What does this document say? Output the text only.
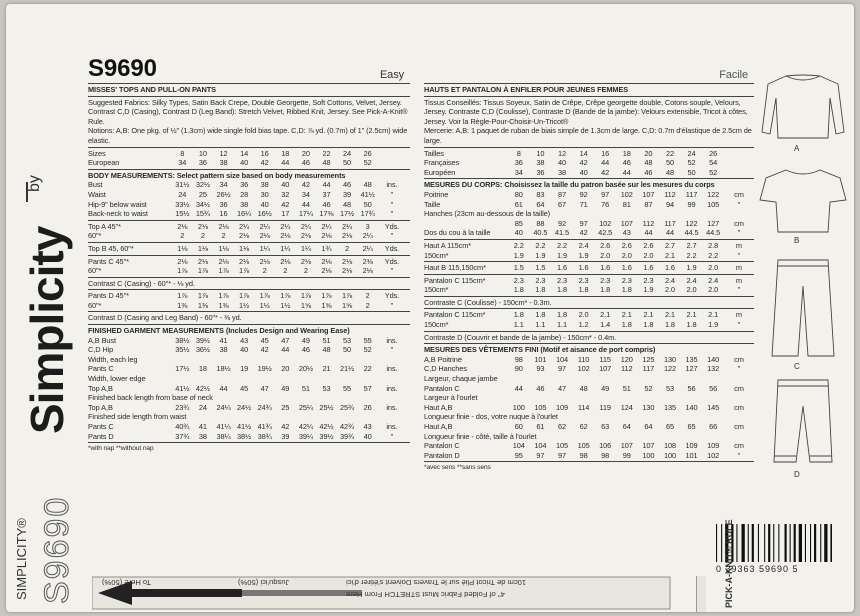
S9690
SIMPLICITY®
Simplicity
by
S9690	Easy

MISSES' TOPS AND PULL-ON PANTS

Suggested Fabrics: Silky Types, Satin Back Crepe, Double Georgette, Soft Cottons, Velvet, Jersey. Contrast C,D (Casing), Contrast D (Leg Band): Stretch Velvet, Ribbed Knit, Jersey. See Pick-A-Knit® Rule.

Notions: A,B: One pkg. of ½" (1.3cm) wide single fold bias tape. C,D: ⅞ yd. (0.7m) of 1" (2.5cm) wide elastic.

Sizes	8	10	12	14	16	18	20	22	24	26
European	34	36	38	40	42	44	46	48	50	52

BODY MEASUREMENTS: Select pattern size based on body measurements

Bust	31½ 32½	34	36	38	40	42	44	46	48	ins.
Waist	24	25	26½	28	30	32	34	37	39	41½	"
Hip-9" below waist	33½ 34½	36	38	40	42	44	46	48	50	"
Back-neck to waist	15½ 15¾	16	16¼ 16½	17	17¼ 17⅜ 17½ 17¾	"
Top A 45"*	2⅛	2⅛	2⅛	2¼	2¼	2¼	2¼	2¼	2¼	3	Yds.
60"*	2	2	2	2⅛	2⅛	2⅛	2⅛	2⅛	2⅛	2¼	"
Top B 45, 60"*	1⅛	1⅛	1⅛	1⅛	1¼	1¼	1¼	1¾	2	2¼	Yds.
Pants C 45"*	2⅛	2⅛	2⅛	2⅛	2⅛	2⅛	2⅛	2⅛	2⅛	2⅜	Yds.
60"*	1⅞	1⅞	1⅞	1⅞	2	2	2	2⅛	2⅛	2⅛	"
Contrast C (Casing) - 60"* - ⅛ yd.
Pants D 45"*	1⅞	1⅞	1⅞	1⅞	1⅞	1⅞	1⅞	1⅞	1⅞	2	Yds.
60"*	1⅜	1⅜	1⅜	1½	1½	1½	1⅝	1⅝	1⅝	2	"
Contrast D (Casing and Leg Band) - 60"* - ⅜ yd.

FINISHED GARMENT MEASUREMENTS (Includes Design and Wearing Ease)

A,B Bust	38½ 39½	41	43	45	47	49	51	53	55	ins.
C,D Hip	35½ 36½	38	40	42	44	46	48	50	52	"
Width, each leg
Pants C	17½	18	18½	19	19½	20	20½	21	21½	22	ins.
Width, lower edge
Top A,B	41½ 42½	44	45	47	49	51	53	55	57	ins.
Finished back length from base of neck
Top A,B	23¾	24	24¼ 24½ 24¾	25	25¼ 25½ 25¾	26	ins.
Finished side length from waist
Pants C	40¾	41	41¼ 41½ 41¾	42	42¼ 42½ 42¾	43	ins.
Pants D	37¾	38	38¼ 38½ 38¾	39	39¼ 39½ 39¾	40	"

*with nap **without nap

Facile

HAUTS ET PANTALON À ENFILER POUR JEUNES FEMMES

Tissus Conseillés: Tissus Soyeux, Satin de Crêpe, Crêpe georgette double, Cotons souple, Velours, Jersey. Contraste C,D (Coulisse), Contraste D (Bande de la jambe): Velours extensible, Tricot à côtes, Jersey. Voir la Règle-Pour-Choisir-Un-Tricot®

Mercerie: A,B: 1 paquet de ruban de biais simple de 1.3cm de large. C,D: 0.7m d'élastique de 2.5cm de large.

Tailles	8	10	12	14	16	18	20	22	24	26
Françaises	36	38	40	42	44	46	48	50	52	54
Européen	34	36	38	40	42	44	46	48	50	52

MESURES DU CORPS: Choisissez la taille du patron basée sur les mesures du corps

Poitrine	80	83	87	92	97	102	107	112	117	122	cm
Taille	61	64	67	71	76	81	87	94	99	105	"
Hanches (23cm au-dessous de la taille)
85	88	92	97	102	107	112	117	122	127	cm
Dos du cou à la taille	40	40.5	41.5	42	42.5	43	44	44	44.5	44.5	"
Haut A 115cm*	2.2	2.2	2.2	2.4	2.6	2.6	2.6	2.7	2.7	2.8	m
150cm*	1.9	1.9	1.9	1.9	2.0	2.0	2.0	2.1	2.2	2.2	"
Haut B 115,150cm*	1.5	1.5	1.6	1.6	1.6	1.6	1.6	1.6	1.9	2.0	m
Pantalon C 115cm*	2.3	2.3	2.3	2.3	2.3	2.3	2.3	2.4	2.4	2.4	m
150cm*	1.8	1.8	1.8	1.8	1.8	1.8	1.9	2.0	2.0	2.0	"
Contraste C (Coulisse) - 150cm* - 0.3m.
Pantalon C 115cm*	1.8	1.8	1.8	2.0	2.1	2.1	2.1	2.1	2.1	2.1	m
150cm*	1.1	1.1	1.1	1.2	1.4	1.8	1.8	1.8	1.8	1.9	"
Contraste D (Couvrir et bande de la jambe) - 150cm* - 0.4m.

MESURES DES VÊTEMENTS FINI (Motif et aisance de port compris)

A,B Poitrine	98	101	104	110	115	120	125	130	135	140	cm
C,D Hanches	90	93	97	102	107	112	117	122	127	132	"
Largeur, chaque jambe
Pantalon C	44	46	47	48	49	51	52	53	56	56	cm
Largeur à l'ourlet
Haut A,B	100	105	109	114	119	124	130	135	140	145	cm
Longueur finie - dos, votre nuque à l'ourlet
Haut A,B	60	61	62	62	63	64	64	65	65	66	cm
Longueur finie - côté, taille à l'ourlet
Pantalon C	104	104	105	105	106	107	107	108	109	109	cm
Pantalon D	95	97	97	98	98	99	100	100	101	102	"

*avec sens **sans sens

A
B
C
D
0 39363 59690 5
To Here (50%)	Jusqu'ici (50%)	10cm de Tricot Plié sur le Travers Doivent s'étirer d'ici
4" of Folded Fabric Must STRETCH From Here	PICK-A-KNIT® RULE
